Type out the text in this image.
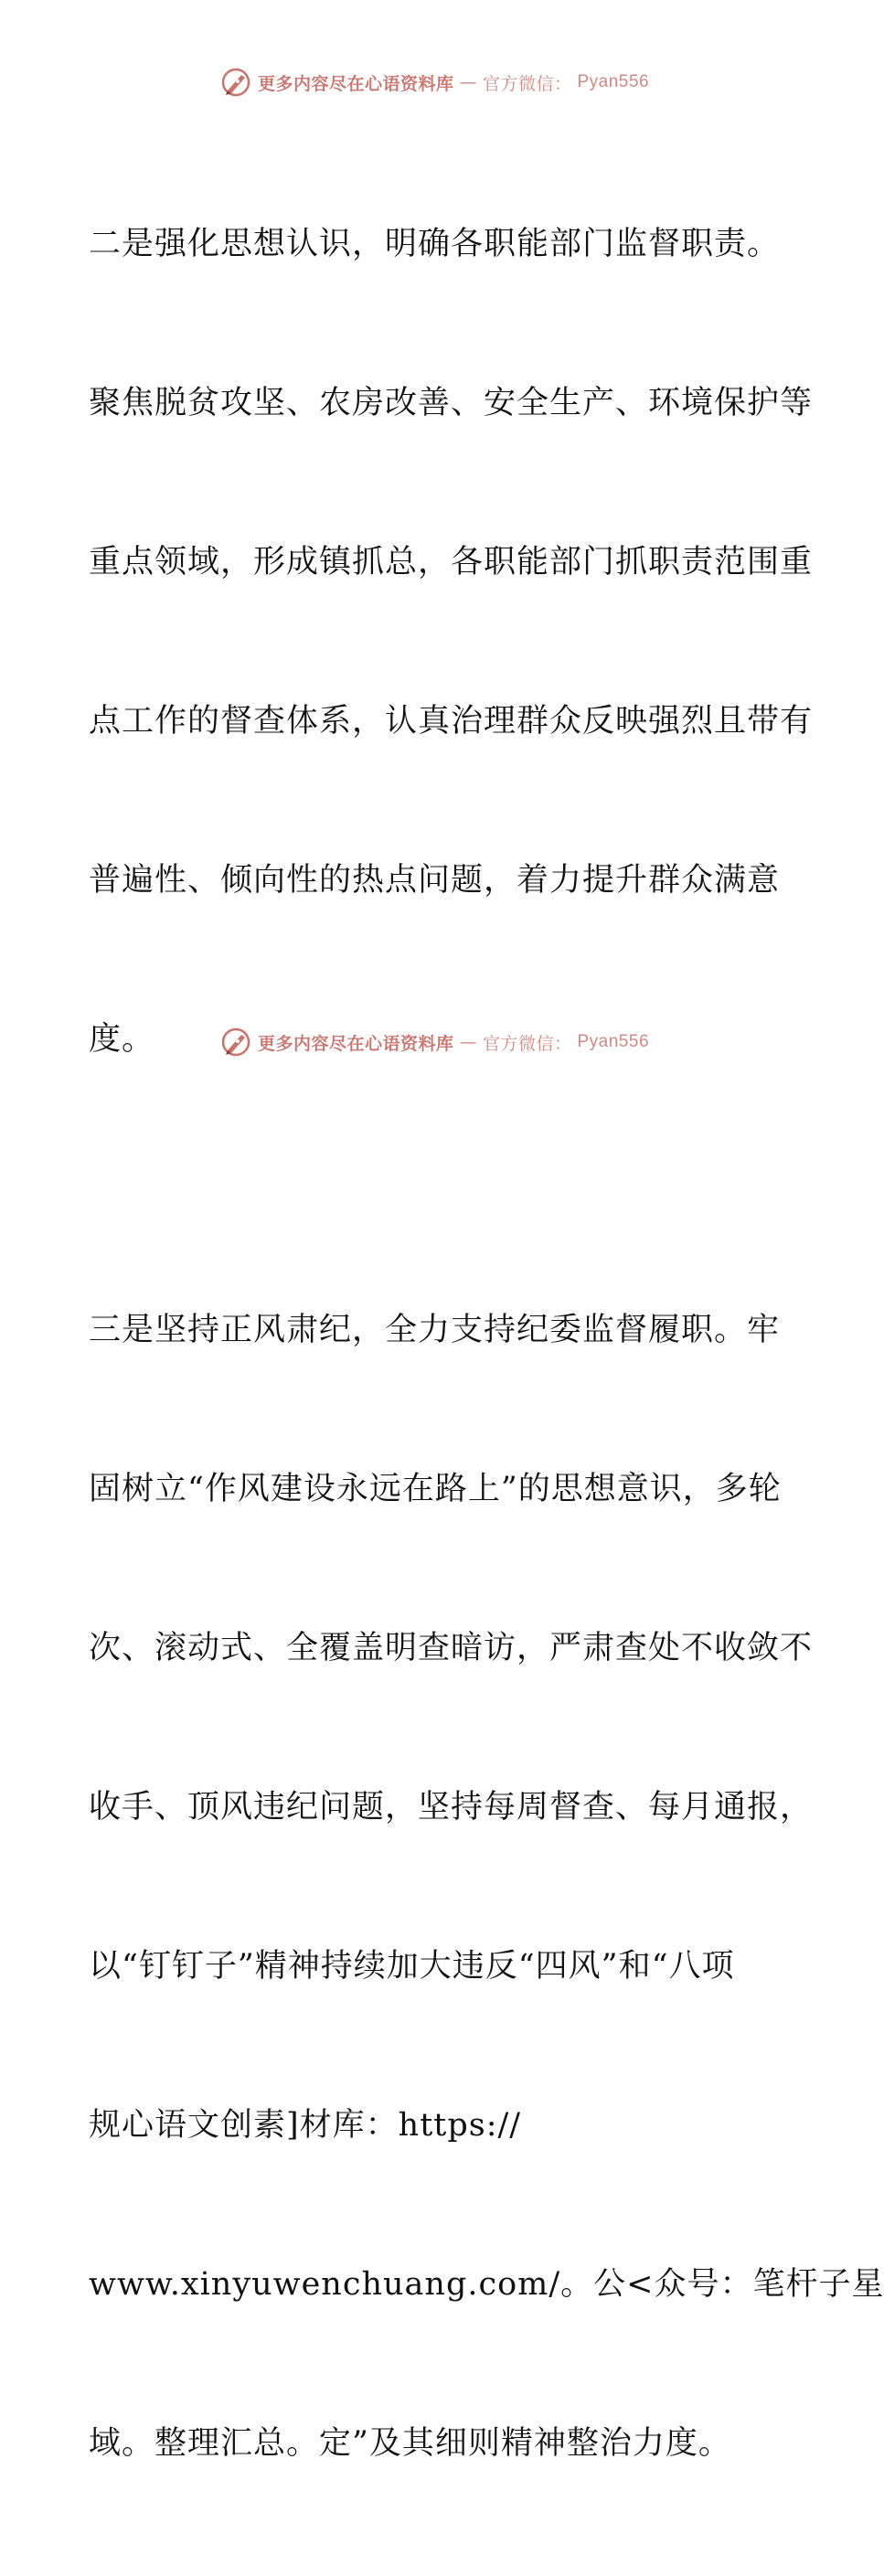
更多内容尽在心语资料库 — 官方微信： Pyan556

二是强化思想认识，明确各职能部门监督职责。

聚焦脱贫攻坚、农房改善、安全生产、环境保护等

重点领域，形成镇抓总，各职能部门抓职责范围重

点工作的督查体系，认真治理群众反映强烈且带有

普遍性、倾向性的热点问题，着力提升群众满意

度。

三是坚持正风肃纪，全力支持纪委监督履职。牢

固树立“作风建设永远在路上”的思想意识，多轮

次、滚动式、全覆盖明查暗访，严肃查处不收敛不

收手、顶风违纪问题，坚持每周督查、每月通报，

以“钉钉子”精神持续加大违反“四风”和“八项

规心语文创素]材库：https://

www.xinyuwenchuang.com/。公<众号：笔杆子星

域。整理汇总。定”及其细则精神整治力度。

更多内容尽在心语资料库 — 官方微信： Pyan556
